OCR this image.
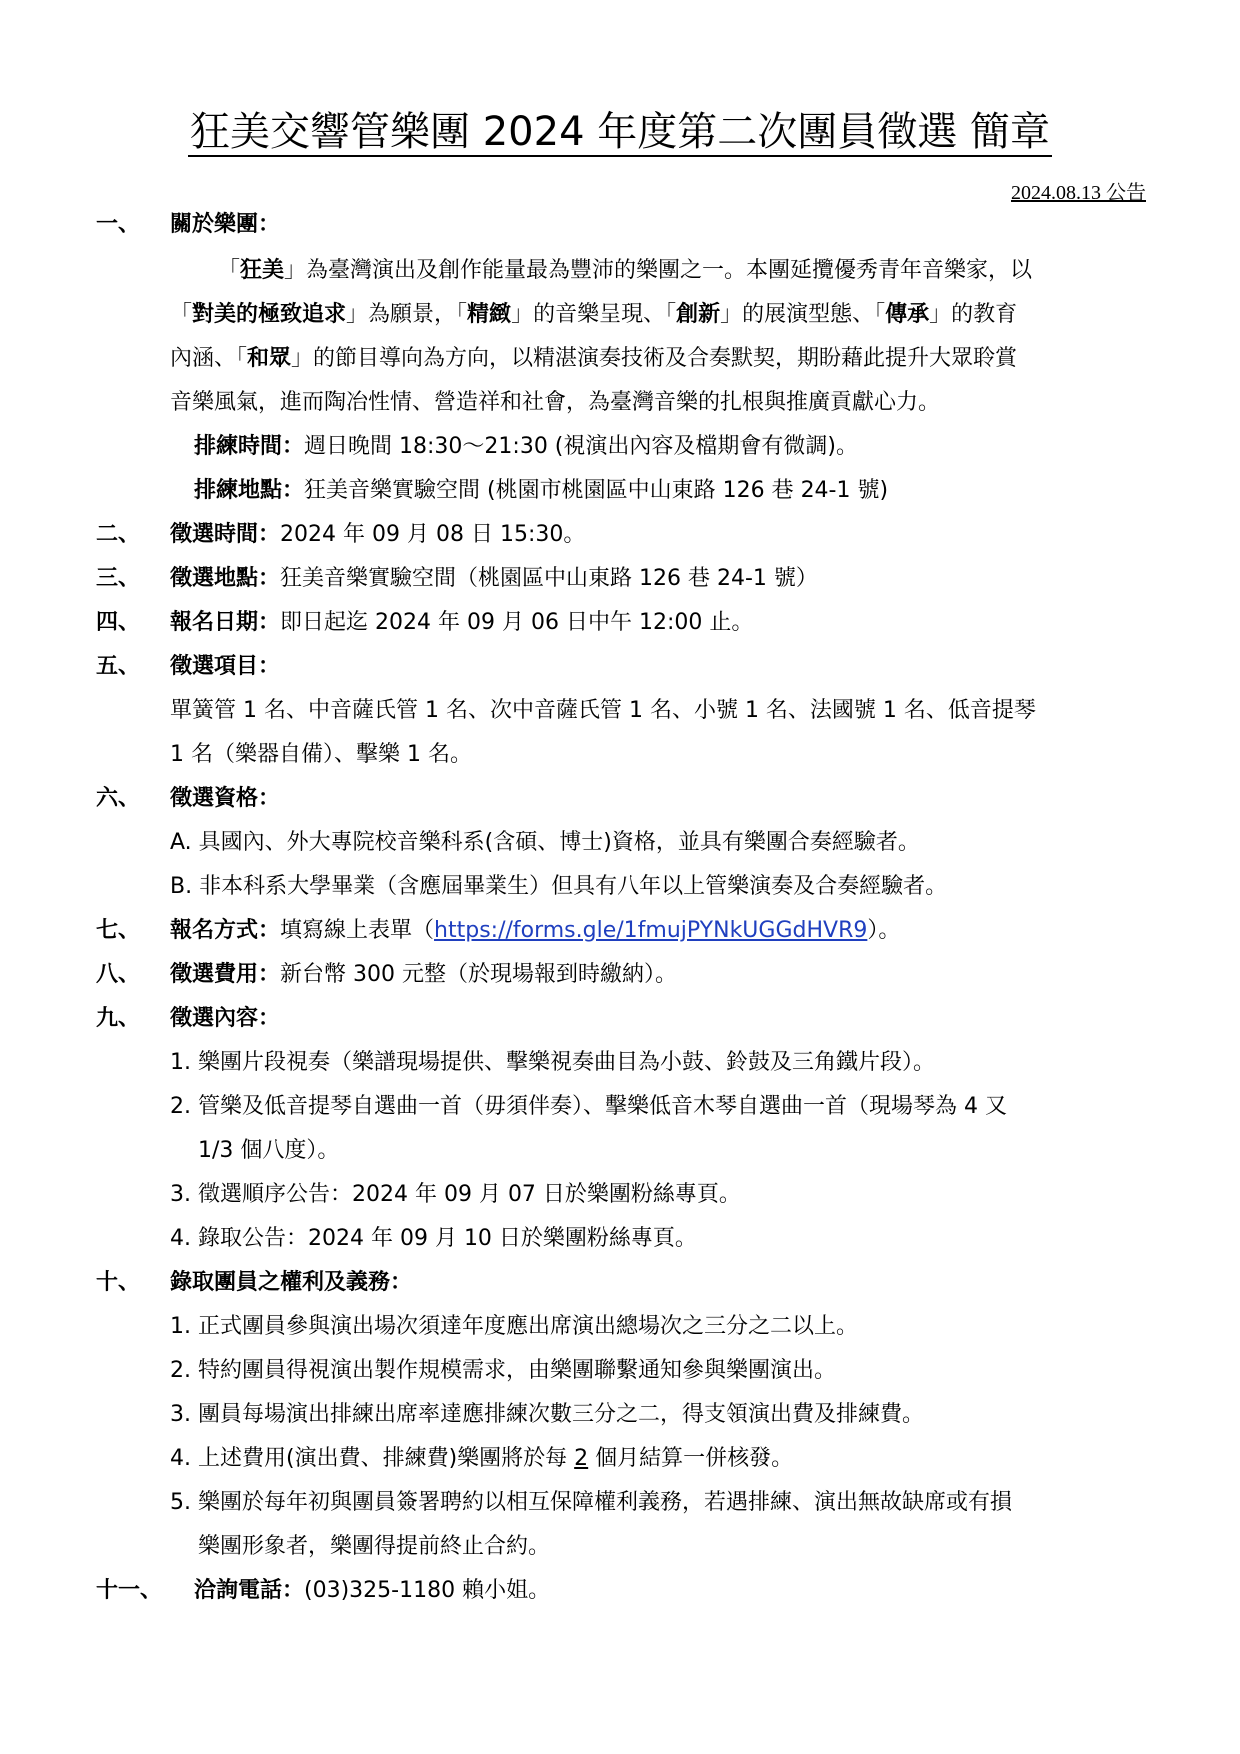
狂美交響管樂團 2024 年度第二次團員徵選 簡章
2024.08.13 公告
一、 關於樂團：
「狂美」為臺灣演出及創作能量最為豐沛的樂團之一。本團延攬優秀青年音樂家，以
「對美的極致追求」為願景，「精緻」的音樂呈現、「創新」的展演型態、「傳承」的教育
內涵、「和眾」的節目導向為方向，以精湛演奏技術及合奏默契，期盼藉此提升大眾聆賞
音樂風氣，進而陶冶性情、營造祥和社會，為臺灣音樂的扎根與推廣貢獻心力。
排練時間：週日晚間 18:30～21:30 (視演出內容及檔期會有微調)。
排練地點：狂美音樂實驗空間 (桃園市桃園區中山東路 126 巷 24-1 號)
二、 徵選時間：2024 年 09 月 08 日 15:30。
三、 徵選地點：狂美音樂實驗空間（桃園區中山東路 126 巷 24-1 號）
四、 報名日期：即日起迄 2024 年 09 月 06 日中午 12:00 止。
五、 徵選項目：
單簧管 1 名、中音薩氏管 1 名、次中音薩氏管 1 名、小號 1 名、法國號 1 名、低音提琴
1 名（樂器自備）、擊樂 1 名。
六、 徵選資格：
A. 具國內、外大專院校音樂科系(含碩、博士)資格，並具有樂團合奏經驗者。
B. 非本科系大學畢業（含應屆畢業生）但具有八年以上管樂演奏及合奏經驗者。
七、 報名方式：填寫線上表單（https://forms.gle/1fmujPYNkUGGdHVR9）。
八、 徵選費用：新台幣 300 元整（於現場報到時繳納）。
九、 徵選內容：
1. 樂團片段視奏（樂譜現場提供、擊樂視奏曲目為小鼓、鈴鼓及三角鐵片段）。
2. 管樂及低音提琴自選曲一首（毋須伴奏）、擊樂低音木琴自選曲一首（現場琴為 4 又
1/3 個八度）。
3. 徵選順序公告：2024 年 09 月 07 日於樂團粉絲專頁。
4. 錄取公告：2024 年 09 月 10 日於樂團粉絲專頁。
十、 錄取團員之權利及義務：
1. 正式團員參與演出場次須達年度應出席演出總場次之三分之二以上。
2. 特約團員得視演出製作規模需求，由樂團聯繫通知參與樂團演出。
3. 團員每場演出排練出席率達應排練次數三分之二，得支領演出費及排練費。
4. 上述費用(演出費、排練費)樂團將於每 2 個月結算一併核發。
5. 樂團於每年初與團員簽署聘約以相互保障權利義務，若遇排練、演出無故缺席或有損
樂團形象者，樂團得提前終止合約。
十一、 洽詢電話：(03)325-1180 賴小姐。
